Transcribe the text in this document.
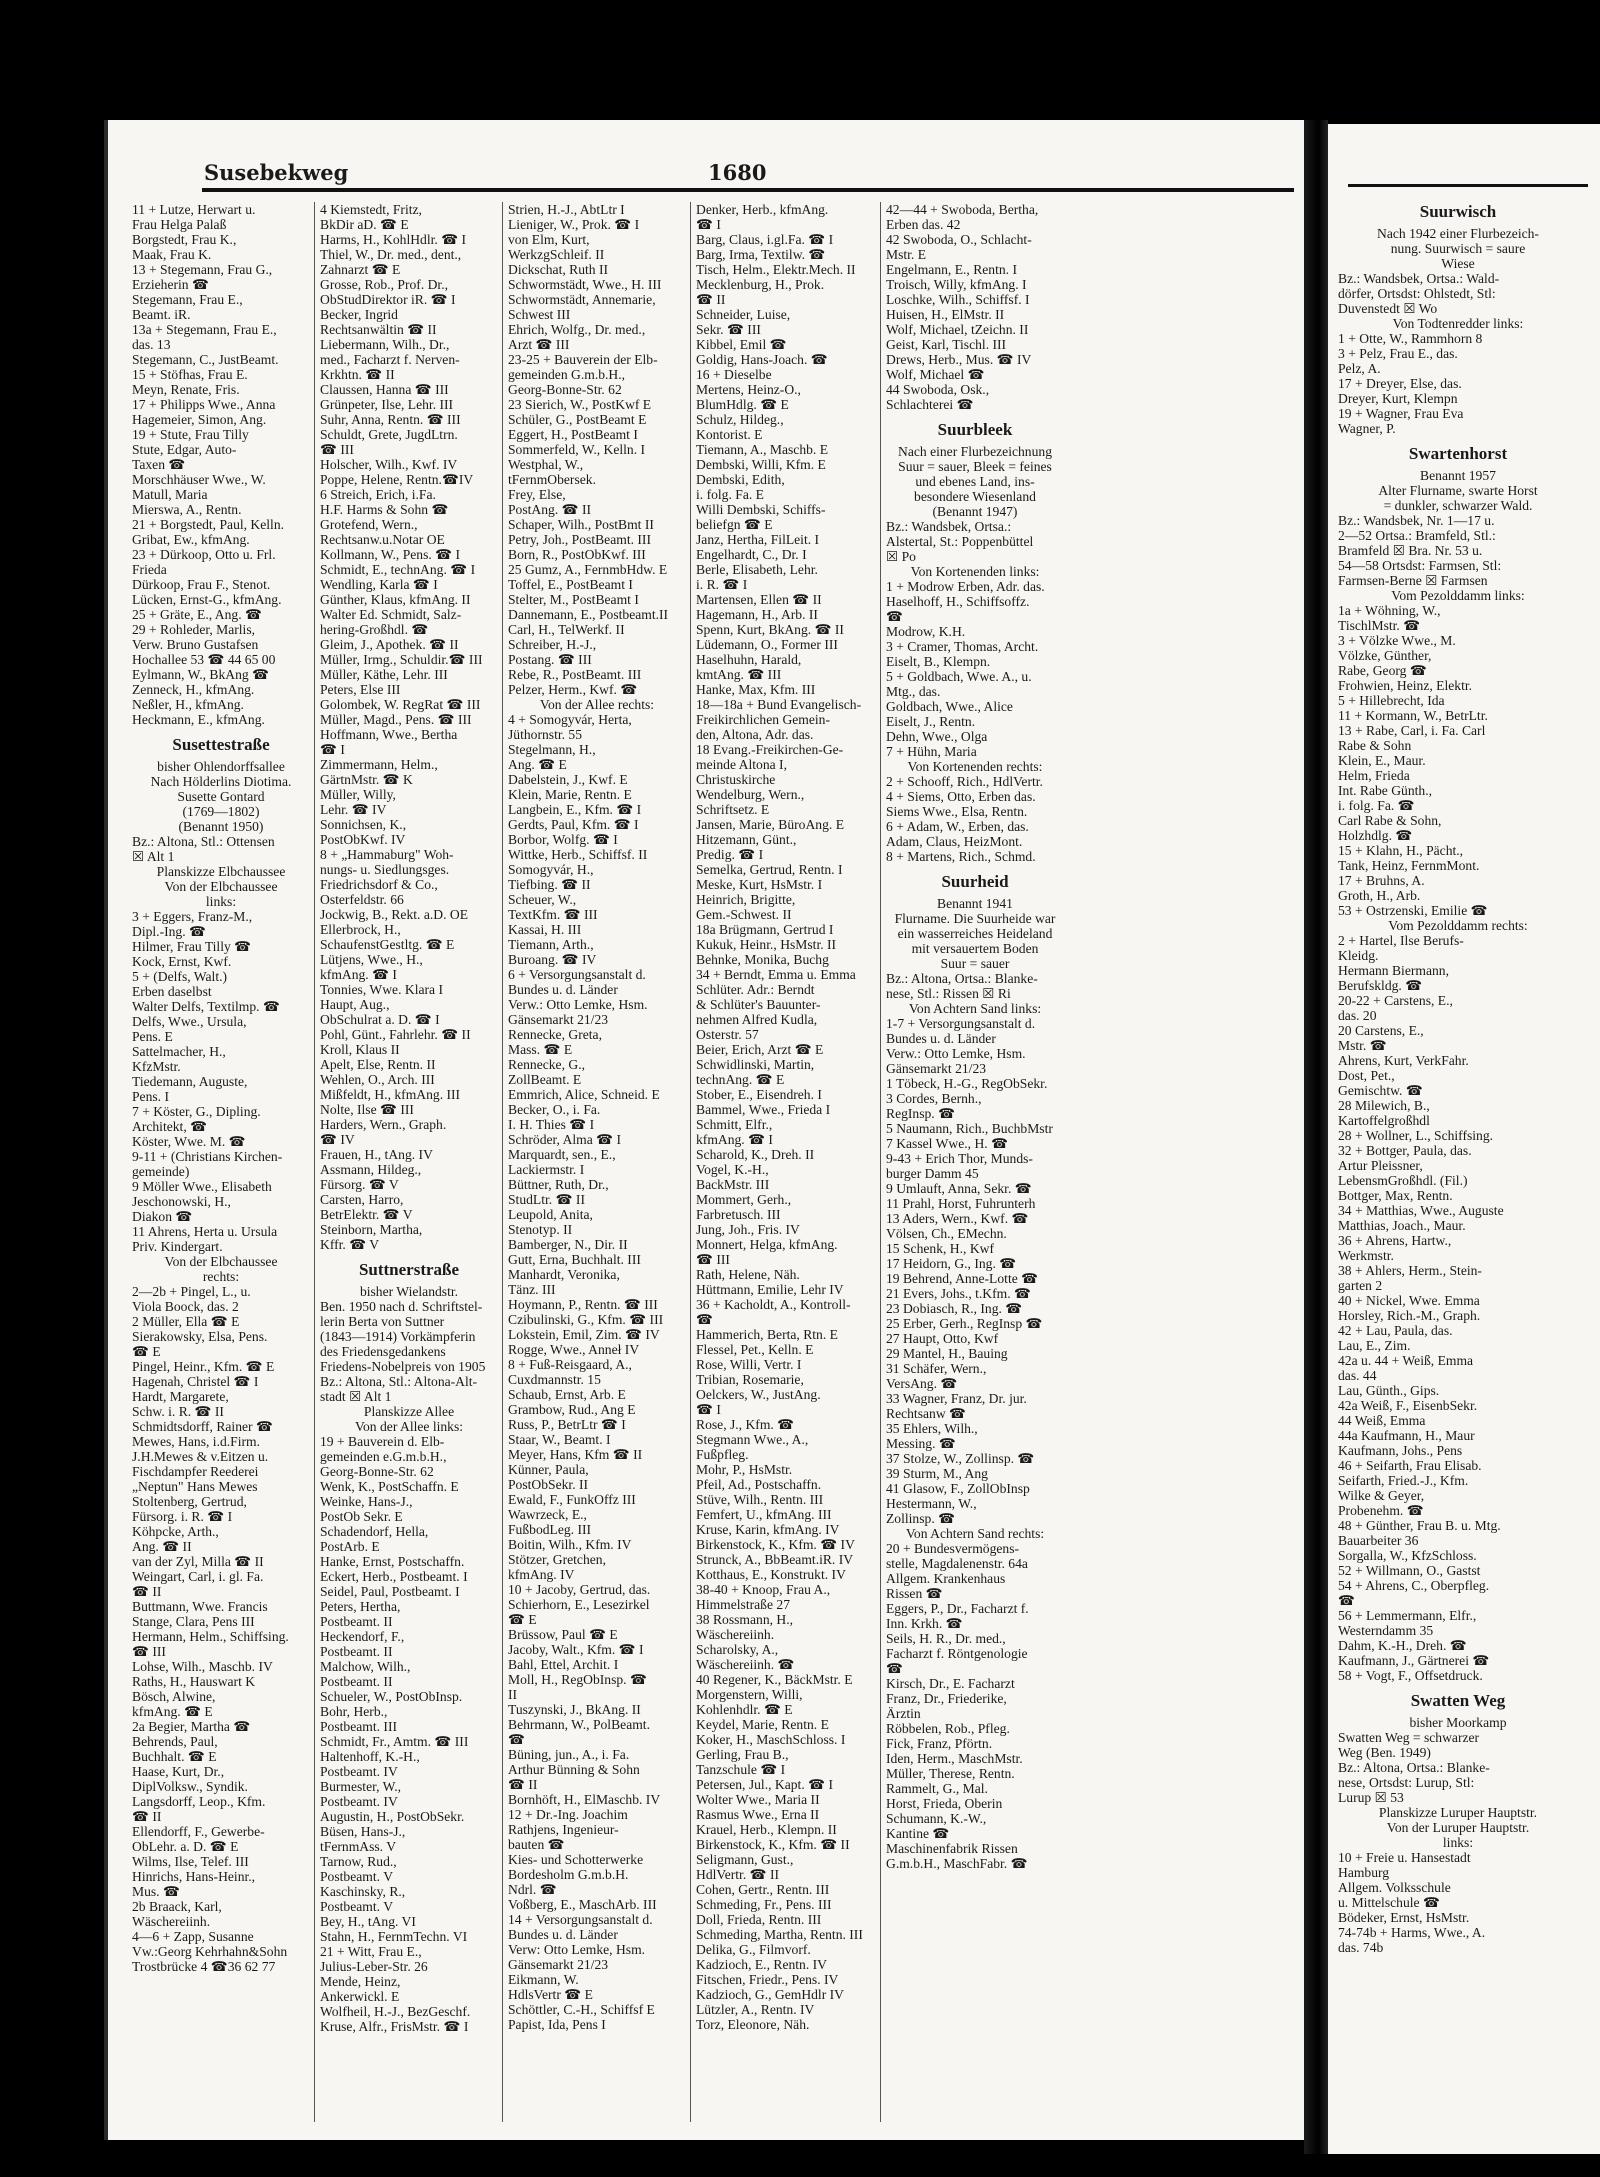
Susebekweg	1680
11 + Lutze, Herwart u.
Frau Helga Palaß
Borgstedt, Frau K.,
Maak, Frau K.
13 + Stegemann, Frau G.,
Erzieherin ☎
Stegemann, Frau E.,
Beamt. iR.
13a + Stegemann, Frau E.,
das. 13
Stegemann, C., JustBeamt.
15 + Stöfhas, Frau E.
Meyn, Renate, Fris.
17 + Philipps Wwe., Anna
Hagemeier, Simon, Ang.
19 + Stute, Frau Tilly
Stute, Edgar, Auto-
Taxen ☎
Morschhäuser Wwe., W.
Matull, Maria
Mierswa, A., Rentn.
21 + Borgstedt, Paul, Kelln.
Gribat, Ew., kfmAng.
23 + Dürkoop, Otto u. Frl.
Frieda
Dürkoop, Frau F., Stenot.
Lücken, Ernst-G., kfmAng.
25 + Gräte, E., Ang. ☎
29 + Rohleder, Marlis,
Verw. Bruno Gustafsen
Hochallee 53 ☎ 44 65 00
Eylmann, W., BkAng ☎
Zenneck, H., kfmAng.
Neßler, H., kfmAng.
Heckmann, E., kfmAng.
Susettestraße
bisher Ohlendorffsallee
Nach Hölderlins Diotima.
Susette Gontard
(1769—1802)
(Benannt 1950)
Bz.: Altona, Stl.: Ottensen
☒ Alt 1
Planskizze Elbchaussee
Von der Elbchaussee
links:
3 + Eggers, Franz-M.,
Dipl.-Ing. ☎
Hilmer, Frau Tilly ☎
Kock, Ernst, Kwf.
5 + (Delfs, Walt.)
Erben daselbst
Walter Delfs, Textilmp. ☎
Delfs, Wwe., Ursula,
Pens. E
Sattelmacher, H.,
KfzMstr.
Tiedemann, Auguste,
Pens. I
7 + Köster, G., Dipling.
Architekt, ☎
Köster, Wwe. M. ☎
9-11 + (Christians Kirchen-
gemeinde)
9 Möller Wwe., Elisabeth
Jeschonowski, H.,
Diakon ☎
11 Ahrens, Herta u. Ursula
Priv. Kindergart.
Von der Elbchaussee
rechts:
2—2b + Pingel, L., u.
Viola Boock, das. 2
2 Müller, Ella ☎ E
Sierakowsky, Elsa, Pens.
☎ E
Pingel, Heinr., Kfm. ☎ E
Hagenah, Christel ☎ I
Hardt, Margarete,
Schw. i. R. ☎ II
Schmidtsdorff, Rainer ☎
Mewes, Hans, i.d.Firm.
J.H.Mewes & v.Eitzen u.
Fischdampfer Reederei
„Neptun" Hans Mewes
Stoltenberg, Gertrud,
Fürsorg. i. R. ☎ I
Köhpcke, Arth.,
Ang. ☎ II
van der Zyl, Milla ☎ II
Weingart, Carl, i. gl. Fa.
☎ II
Buttmann, Wwe. Francis
Stange, Clara, Pens III
Hermann, Helm., Schiffsing.
☎ III
Lohse, Wilh., Maschb. IV
Raths, H., Hauswart K
Bösch, Alwine,
kfmAng. ☎ E
2a Begier, Martha ☎
Behrends, Paul,
Buchhalt. ☎ E
Haase, Kurt, Dr.,
DiplVolksw., Syndik.
Langsdorff, Leop., Kfm.
☎ II
Ellendorff, F., Gewerbe-
ObLehr. a. D. ☎ E
Wilms, Ilse, Telef. III
Hinrichs, Hans-Heinr.,
Mus. ☎
2b Braack, Karl,
Wäschereiinh.
4—6 + Zapp, Susanne
Vw.:Georg Kehrhahn&Sohn
Trostbrücke 4 ☎36 62 77
4 Kiemstedt, Fritz,
BkDir aD. ☎ E
Harms, H., KohlHdlr. ☎ I
Thiel, W., Dr. med., dent.,
Zahnarzt ☎ E
Grosse, Rob., Prof. Dr.,
ObStudDirektor iR. ☎ I
Becker, Ingrid
Rechtsanwältin ☎ II
Liebermann, Wilh., Dr.,
med., Facharzt f. Nerven-
Krkhtn. ☎ II
Claussen, Hanna ☎ III
Grünpeter, Ilse, Lehr. III
Suhr, Anna, Rentn. ☎ III
Schuldt, Grete, JugdLtrn.
☎ III
Holscher, Wilh., Kwf. IV
Poppe, Helene, Rentn.☎IV
6 Streich, Erich, i.Fa.
H.F. Harms & Sohn ☎
Grotefend, Wern.,
Rechtsanw.u.Notar OE
Kollmann, W., Pens. ☎ I
Schmidt, E., technAng. ☎ I
Wendling, Karla ☎ I
Günther, Klaus, kfmAng. II
Walter Ed. Schmidt, Salz-
hering-Großhdl. ☎
Gleim, J., Apothek. ☎ II
Müller, Irmg., Schuldir.☎ III
Müller, Käthe, Lehr. III
Peters, Else III
Golombek, W. RegRat ☎ III
Müller, Magd., Pens. ☎ III
Hoffmann, Wwe., Bertha
☎ I
Zimmermann, Helm.,
GärtnMstr. ☎ K
Müller, Willy,
Lehr. ☎ IV
Sonnichsen, K.,
PostObKwf. IV
8 + „Hammaburg" Woh-
nungs- u. Siedlungsges.
Friedrichsdorf & Co.,
Osterfeldstr. 66
Jockwig, B., Rekt. a.D. OE
Ellerbrock, H.,
SchaufenstGestltg. ☎ E
Lütjens, Wwe., H.,
kfmAng. ☎ I
Tonnies, Wwe. Klara I
Haupt, Aug.,
ObSchulrat a. D. ☎ I
Pohl, Günt., Fahrlehr. ☎ II
Kroll, Klaus II
Apelt, Else, Rentn. II
Wehlen, O., Arch. III
Mißfeldt, H., kfmAng. III
Nolte, Ilse ☎ III
Harders, Wern., Graph.
☎ IV
Frauen, H., tAng. IV
Assmann, Hildeg.,
Fürsorg. ☎ V
Carsten, Harro,
BetrElektr. ☎ V
Steinborn, Martha,
Kffr. ☎ V
Suttnerstraße
bisher Wielandstr.
Ben. 1950 nach d. Schriftstel-
lerin Berta von Suttner
(1843—1914) Vorkämpferin
des Friedensgedankens
Friedens-Nobelpreis von 1905
Bz.: Altona, Stl.: Altona-Alt-
stadt ☒ Alt 1
Planskizze Allee
Von der Allee links:
19 + Bauverein d. Elb-
gemeinden e.G.m.b.H.,
Georg-Bonne-Str. 62
Wenk, K., PostSchaffn. E
Weinke, Hans-J.,
PostOb Sekr. E
Schadendorf, Hella,
PostArb. E
Hanke, Ernst, Postschaffn.
Eckert, Herb., Postbeamt. I
Seidel, Paul, Postbeamt. I
Peters, Hertha,
Postbeamt. II
Heckendorf, F.,
Postbeamt. II
Malchow, Wilh.,
Postbeamt. II
Schueler, W., PostObInsp.
Bohr, Herb.,
Postbeamt. III
Schmidt, Fr., Amtm. ☎ III
Haltenhoff, K.-H.,
Postbeamt. IV
Burmester, W.,
Postbeamt. IV
Augustin, H., PostObSekr.
Büsen, Hans-J.,
tFernmAss. V
Tarnow, Rud.,
Postbeamt. V
Kaschinsky, R.,
Postbeamt. V
Bey, H., tAng. VI
Stahn, H., FernmTechn. VI
21 + Witt, Frau E.,
Julius-Leber-Str. 26
Mende, Heinz,
Ankerwickl. E
Wolfheil, H.-J., BezGeschf.
Kruse, Alfr., FrisMstr. ☎ I
Strien, H.-J., AbtLtr I
Lieniger, W., Prok. ☎ I
von Elm, Kurt,
WerkzgSchleif. II
Dickschat, Ruth II
Schwormstädt, Wwe., H. III
Schwormstädt, Annemarie,
Schwest III
Ehrich, Wolfg., Dr. med.,
Arzt ☎ III
23-25 + Bauverein der Elb-
gemeinden G.m.b.H.,
Georg-Bonne-Str. 62
23 Sierich, W., PostKwf E
Schüler, G., PostBeamt E
Eggert, H., PostBeamt I
Sommerfeld, W., Kelln. I
Westphal, W.,
tFernmObersek.
Frey, Else,
PostAng. ☎ II
Schaper, Wilh., PostBmt II
Petry, Joh., PostBeamt. III
Born, R., PostObKwf. III
25 Gumz, A., FernmbHdw. E
Toffel, E., PostBeamt I
Stelter, M., PostBeamt I
Dannemann, E., Postbeamt.II
Carl, H., TelWerkf. II
Schreiber, H.-J.,
Postang. ☎ III
Rebe, R., PostBeamt. III
Pelzer, Herm., Kwf. ☎
Von der Allee rechts:
4 + Somogyvár, Herta,
Jüthornstr. 55
Stegelmann, H.,
Ang. ☎ E
Dabelstein, J., Kwf. E
Klein, Marie, Rentn. E
Langbein, E., Kfm. ☎ I
Gerdts, Paul, Kfm. ☎ I
Borbor, Wolfg. ☎ I
Wittke, Herb., Schiffsf. II
Somogyvár, H.,
Tiefbing. ☎ II
Scheuer, W.,
TextKfm. ☎ III
Kassai, H. III
Tiemann, Arth.,
Buroang. ☎ IV
6 + Versorgungsanstalt d.
Bundes u. d. Länder
Verw.: Otto Lemke, Hsm.
Gänsemarkt 21/23
Rennecke, Greta,
Mass. ☎ E
Rennecke, G.,
ZollBeamt. E
Emmrich, Alice, Schneid. E
Becker, O., i. Fa.
I. H. Thies ☎ I
Schröder, Alma ☎ I
Marquardt, sen., E.,
Lackiermstr. I
Büttner, Ruth, Dr.,
StudLtr. ☎ II
Leupold, Anita,
Stenotyp. II
Bamberger, N., Dir. II
Gutt, Erna, Buchhalt. III
Manhardt, Veronika,
Tänz. III
Hoymann, P., Rentn. ☎ III
Czibulinski, G., Kfm. ☎ III
Lokstein, Emil, Zim. ☎ IV
Rogge, Wwe., Anneł IV
8 + Fuß-Reisgaard, A.,
Cuxdmannstr. 15
Schaub, Ernst, Arb. E
Grambow, Rud., Ang E
Russ, P., BetrLtr ☎ I
Staar, W., Beamt. I
Meyer, Hans, Kfm ☎ II
Künner, Paula,
PostObSekr. II
Ewald, F., FunkOffz III
Wawrzeck, E.,
FußbodLeg. III
Boitin, Wilh., Kfm. IV
Stötzer, Gretchen,
kfmAng. IV
10 + Jacoby, Gertrud, das.
Schierhorn, E., Lesezirkel
☎ E
Brüssow, Paul ☎ E
Jacoby, Walt., Kfm. ☎ I
Bahl, Ettel, Archit. I
Moll, H., RegObInsp. ☎
II
Tuszynski, J., BkAng. II
Behrmann, W., PolBeamt.
☎
Büning, jun., A., i. Fa.
Arthur Bünning & Sohn
☎ II
Bornhöft, H., ElMaschb. IV
12 + Dr.-Ing. Joachim
Rathjens, Ingenieur-
bauten ☎
Kies- und Schotterwerke
Bordesholm G.m.b.H.
Ndrl. ☎
Voßberg, E., MaschArb. III
14 + Versorgungsanstalt d.
Bundes u. d. Länder
Verw: Otto Lemke, Hsm.
Gänsemarkt 21/23
Eikmann, W.
HdlsVertr ☎ E
Schöttler, C.-H., Schiffsf E
Papist, Ida, Pens I
Denker, Herb., kfmAng.
☎ I
Barg, Claus, i.gl.Fa. ☎ I
Barg, Irma, Textilw. ☎
Tisch, Helm., Elektr.Mech. II
Mecklenburg, H., Prok.
☎ II
Schneider, Luise,
Sekr. ☎ III
Kibbel, Emil ☎
Goldig, Hans-Joach. ☎
16 + Dieselbe
Mertens, Heinz-O.,
BlumHdlg. ☎ E
Schulz, Hildeg.,
Kontorist. E
Tiemann, A., Maschb. E
Dembski, Willi, Kfm. E
Dembski, Edith,
i. folg. Fa. E
Willi Dembski, Schiffs-
beliefgn ☎ E
Janz, Hertha, FilLeit. I
Engelhardt, C., Dr. I
Berle, Elisabeth, Lehr.
i. R. ☎ I
Martensen, Ellen ☎ II
Hagemann, H., Arb. II
Spenn, Kurt, BkAng. ☎ II
Lüdemann, O., Former III
Haselhuhn, Harald,
kmtAng. ☎ III
Hanke, Max, Kfm. III
18—18a + Bund Evangelisch-
Freikirchlichen Gemein-
den, Altona, Adr. das.
18 Evang.-Freikirchen-Ge-
meinde Altona I,
Christuskirche
Wendelburg, Wern.,
Schriftsetz. E
Jansen, Marie, BüroAng. E
Hitzemann, Günt.,
Predig. ☎ I
Semelka, Gertrud, Rentn. I
Meske, Kurt, HsMstr. I
Heinrich, Brigitte,
Gem.-Schwest. II
18a Brügmann, Gertrud I
Kukuk, Heinr., HsMstr. II
Behnke, Monika, Buchg
34 + Berndt, Emma u. Emma
Schlüter. Adr.: Berndt
& Schlüter's Bauunter-
nehmen Alfred Kudla,
Osterstr. 57
Beier, Erich, Arzt ☎ E
Schwidlinski, Martin,
technAng. ☎ E
Stober, E., Eisendreh. I
Bammel, Wwe., Frieda I
Schmitt, Elfr.,
kfmAng. ☎ I
Scharold, K., Dreh. II
Vogel, K.-H.,
BackMstr. III
Mommert, Gerh.,
Farbretusch. III
Jung, Joh., Fris. IV
Monnert, Helga, kfmAng.
☎ III
Rath, Helene, Näh.
Hüttmann, Emilie, Lehr IV
36 + Kacholdt, A., Kontroll-
☎
Hammerich, Berta, Rtn. E
Flessel, Pet., Kelln. E
Rose, Willi, Vertr. I
Tribian, Rosemarie,
Oelckers, W., JustAng.
☎ I
Rose, J., Kfm. ☎
Stegmann Wwe., A.,
Fußpfleg.
Mohr, P., HsMstr.
Pfeil, Ad., Postschaffn.
Stüve, Wilh., Rentn. III
Femfert, U., kfmAng. III
Kruse, Karin, kfmAng. IV
Birkenstock, K., Kfm. ☎ IV
Strunck, A., BbBeamt.iR. IV
Kotthaus, E., Konstrukt. IV
38-40 + Knoop, Frau A.,
Himmelstraße 27
38 Rossmann, H.,
Wäschereiinh.
Scharolsky, A.,
Wäschereiinh. ☎
40 Regener, K., BäckMstr. E
Morgenstern, Willi,
Kohlenhdlr. ☎ E
Keydel, Marie, Rentn. E
Koker, H., MaschSchloss. I
Gerling, Frau B.,
Tanzschule ☎ I
Petersen, Jul., Kapt. ☎ I
Wolter Wwe., Maria II
Rasmus Wwe., Erna II
Krauel, Herb., Klempn. II
Birkenstock, K., Kfm. ☎ II
Seligmann, Gust.,
HdlVertr. ☎ II
Cohen, Gertr., Rentn. III
Schmeding, Fr., Pens. III
Doll, Frieda, Rentn. III
Schmeding, Martha, Rentn. III
Delika, G., Filmvorf.
Kadzioch, E., Rentn. IV
Fitschen, Friedr., Pens. IV
Kadzioch, G., GemHdlr IV
Lützler, A., Rentn. IV
Torz, Eleonore, Näh.
42—44 + Swoboda, Bertha,
Erben das. 42
42 Swoboda, O., Schlacht-
Mstr. E
Engelmann, E., Rentn. I
Troisch, Willy, kfmAng. I
Loschke, Wilh., Schiffsf. I
Huisen, H., ElMstr. II
Wolf, Michael, tZeichn. II
Geist, Karl, Tischl. III
Drews, Herb., Mus. ☎ IV
Wolf, Michael ☎
44 Swoboda, Osk.,
Schlachterei ☎
Suurbleek
Nach einer Flurbezeichnung
Suur = sauer, Bleek = feines
und ebenes Land, ins-
besondere Wiesenland
(Benannt 1947)
Bz.: Wandsbek, Ortsa.:
Alstertal, St.: Poppenbüttel
☒ Po
Von Kortenenden links:
1 + Modrow Erben, Adr. das.
Haselhoff, H., Schiffsoffz.
☎
Modrow, K.H.
3 + Cramer, Thomas, Archt.
Eiselt, B., Klempn.
5 + Goldbach, Wwe. A., u.
Mtg., das.
Goldbach, Wwe., Alice
Eiselt, J., Rentn.
Dehn, Wwe., Olga
7 + Hühn, Maria
Von Kortenenden rechts:
2 + Schooff, Rich., HdlVertr.
4 + Siems, Otto, Erben das.
Siems Wwe., Elsa, Rentn.
6 + Adam, W., Erben, das.
Adam, Claus, HeizMont.
8 + Martens, Rich., Schmd.
Suurheid
Benannt 1941
Flurname. Die Suurheide war
ein wasserreiches Heideland
mit versauertem Boden
Suur = sauer
Bz.: Altona, Ortsa.: Blanke-
nese, Stl.: Rissen ☒ Ri
Von Achtern Sand links:
1-7 + Versorgungsanstalt d.
Bundes u. d. Länder
Verw.: Otto Lemke, Hsm.
Gänsemarkt 21/23
1 Töbeck, H.-G., RegObSekr.
3 Cordes, Bernh.,
RegInsp. ☎
5 Naumann, Rich., BuchbMstr
7 Kassel Wwe., H. ☎
9-43 + Erich Thor, Munds-
burger Damm 45
9 Umlauft, Anna, Sekr. ☎
11 Prahl, Horst, Fuhrunterh
13 Aders, Wern., Kwf. ☎
Völsen, Ch., EMechn.
15 Schenk, H., Kwf
17 Heidorn, G., Ing. ☎
19 Behrend, Anne-Lotte ☎
21 Evers, Johs., t.Kfm. ☎
23 Dobiasch, R., Ing. ☎
25 Erber, Gerh., RegInsp ☎
27 Haupt, Otto, Kwf
29 Mantel, H., Bauing
31 Schäfer, Wern.,
VersAng. ☎
33 Wagner, Franz, Dr. jur.
Rechtsanw ☎
35 Ehlers, Wilh.,
Messing. ☎
37 Stolze, W., Zollinsp. ☎
39 Sturm, M., Ang
41 Glasow, F., ZollObInsp
Hestermann, W.,
Zollinsp. ☎
Von Achtern Sand rechts:
20 + Bundesvermögens-
stelle, Magdalenenstr. 64a
Allgem. Krankenhaus
Rissen ☎
Eggers, P., Dr., Facharzt f.
Inn. Krkh. ☎
Seils, H. R., Dr. med.,
Facharzt f. Röntgenologie
☎
Kirsch, Dr., E. Facharzt
Franz, Dr., Friederike,
Ärztin
Röbbelen, Rob., Pfleg.
Fick, Franz, Pförtn.
Iden, Herm., MaschMstr.
Müller, Therese, Rentn.
Rammelt, G., Mal.
Horst, Frieda, Oberin
Schumann, K.-W.,
Kantine ☎
Maschinenfabrik Rissen
G.m.b.H., MaschFabr. ☎
Suurwisch
Nach 1942 einer Flurbezeich-
nung. Suurwisch = saure
Wiese
Bz.: Wandsbek, Ortsa.: Wald-
dörfer, Ortsdst: Ohlstedt, Stl:
Duvenstedt ☒ Wo
Von Todtenredder links:
1 + Otte, W., Rammhorn 8
3 + Pelz, Frau E., das.
Pelz, A.
17 + Dreyer, Else, das.
Dreyer, Kurt, Klempn
19 + Wagner, Frau Eva
Wagner, P.
Swartenhorst
Benannt 1957
Alter Flurname, swarte Horst
= dunkler, schwarzer Wald.
Bz.: Wandsbek, Nr. 1—17 u.
2—52 Ortsa.: Bramfeld, Stl.:
Bramfeld ☒ Bra. Nr. 53 u.
54—58 Ortsdst: Farmsen, Stl:
Farmsen-Berne ☒ Farmsen
Vom Pezolddamm links:
1a + Wöhning, W.,
TischlMstr. ☎
3 + Völzke Wwe., M.
Völzke, Günther,
Rabe, Georg ☎
Frohwien, Heinz, Elektr.
5 + Hillebrecht, Ida
11 + Kormann, W., BetrLtr.
13 + Rabe, Carl, i. Fa. Carl
Rabe & Sohn
Klein, E., Maur.
Helm, Frieda
Int. Rabe Günth.,
i. folg. Fa. ☎
Carl Rabe & Sohn,
Holzhdlg. ☎
15 + Klahn, H., Pächt.,
Tank, Heinz, FernmMont.
17 + Bruhns, A.
Groth, H., Arb.
53 + Ostrzenski, Emilie ☎
Vom Pezolddamm rechts:
2 + Hartel, Ilse Berufs-
Kleidg.
Hermann Biermann,
Berufskldg. ☎
20-22 + Carstens, E.,
das. 20
20 Carstens, E.,
Mstr. ☎
Ahrens, Kurt, VerkFahr.
Dost, Pet.,
Gemischtw. ☎
28 Milewich, B.,
Kartoffelgroßhdl
28 + Wollner, L., Schiffsing.
32 + Bottger, Paula, das.
Artur Pleissner,
LebensmGroßhdl. (Fil.)
Bottger, Max, Rentn.
34 + Matthias, Wwe., Auguste
Matthias, Joach., Maur.
36 + Ahrens, Hartw.,
Werkmstr.
38 + Ahlers, Herm., Stein-
garten 2
40 + Nickel, Wwe. Emma
Horsley, Rich.-M., Graph.
42 + Lau, Paula, das.
Lau, E., Zim.
42a u. 44 + Weiß, Emma
das. 44
Lau, Günth., Gips.
42a Weiß, F., EisenbSekr.
44 Weiß, Emma
44a Kaufmann, H., Maur
Kaufmann, Johs., Pens
46 + Seifarth, Frau Elisab.
Seifarth, Fried.-J., Kfm.
Wilke & Geyer,
Probenehm. ☎
48 + Günther, Frau B. u. Mtg.
Bauarbeiter 36
Sorgalla, W., KfzSchloss.
52 + Willmann, O., Gastst
54 + Ahrens, C., Oberpfleg.
☎
56 + Lemmermann, Elfr.,
Westerndamm 35
Dahm, K.-H., Dreh. ☎
Kaufmann, J., Gärtnerei ☎
58 + Vogt, F., Offsetdruck.
Swatten Weg
bisher Moorkamp
Swatten Weg = schwarzer
Weg (Ben. 1949)
Bz.: Altona, Ortsa.: Blanke-
nese, Ortsdst: Lurup, Stl:
Lurup ☒ 53
Planskizze Luruper Hauptstr.
Von der Luruper Hauptstr.
links:
10 + Freie u. Hansestadt
Hamburg
Allgem. Volksschule
u. Mittelschule ☎
Bödeker, Ernst, HsMstr.
74-74b + Harms, Wwe., A.
das. 74b
